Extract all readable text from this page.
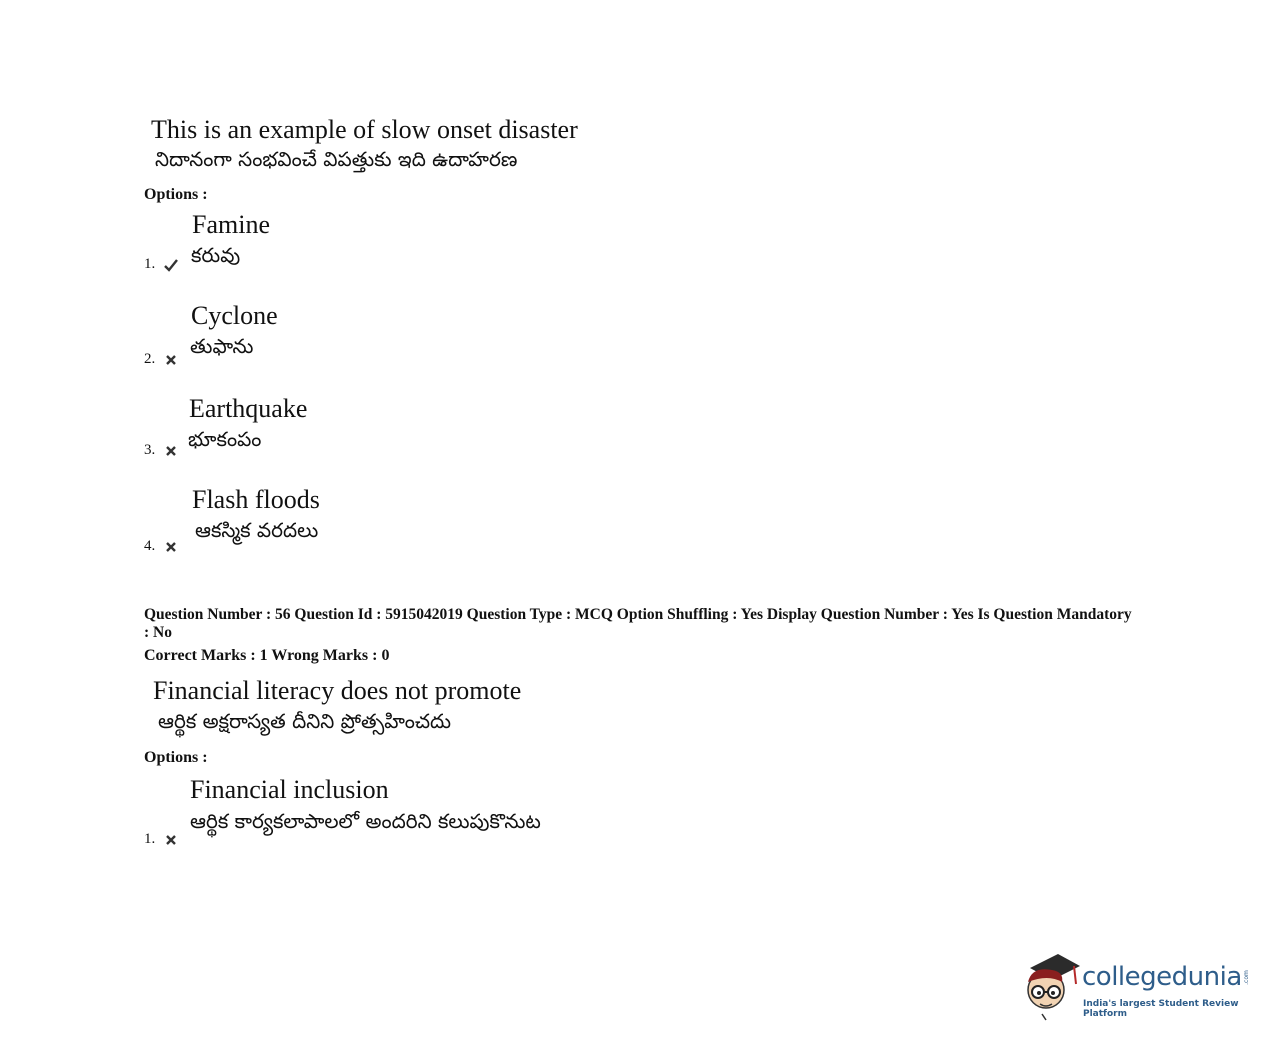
This is an example of slow onset disaster
నిదానంగా సంభవించే విపత్తుకు ఇది ఉదాహరణ
Options :
Famine
కరువు
1.
Cyclone
తుఫాను
2.
Earthquake
భూకంపం
3.
Flash floods
ఆకస్మిక వరదలు
4.
Question Number : 56 Question Id : 5915042019 Question Type : MCQ Option Shuffling : Yes Display Question Number : Yes Is Question Mandatory : No
Correct Marks : 1 Wrong Marks : 0
Financial literacy does not promote
ఆర్థిక అక్షరాస్యత దీనిని ప్రోత్సహించదు
Options :
Financial inclusion
ఆర్థిక కార్యకలాపాలలో అందరిని కలుపుకొనుట
1.
collegedunia .com
India's largest Student Review Platform
